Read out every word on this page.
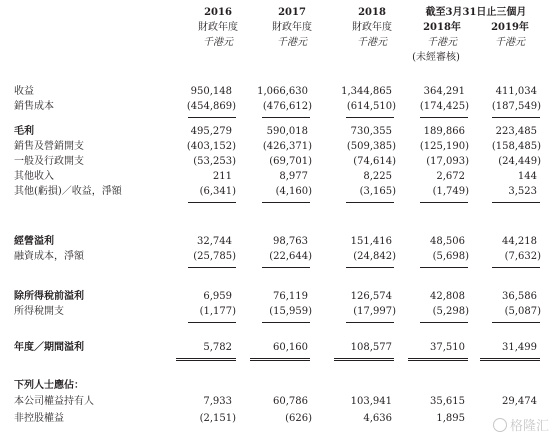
2016	2017	2018	截至3月31日止三個月
財政年度	財政年度	財政年度	2018年	2019年
千港元	千港元	千港元	千港元	千港元
(未經審核)
收益	950,148	1,066,630	1,344,865	364,291	411,034
銷售成本	(454,869)	(476,612)	(614,510)	(174,425)	(187,549)
毛利	495,279	590,018	730,355	189,866	223,485
銷售及營銷開支	(403,152)	(426,371)	(509,385)	(125,190)	(158,485)
一般及行政開支	(53,253)	(69,701)	(74,614)	(17,093)	(24,449)
其他收入	211	8,977	8,225	2,672	144
其他(虧損)／收益，淨額	(6,341)	(4,160)	(3,165)	(1,749)	3,523
經營溢利	32,744	98,763	151,416	48,506	44,218
融資成本，淨額	(25,785)	(22,644)	(24,842)	(5,698)	(7,632)
除所得稅前溢利	6,959	76,119	126,574	42,808	36,586
所得稅開支	(1,177)	(15,959)	(17,997)	(5,298)	(5,087)
年度／期間溢利	5,782	60,160	108,577	37,510	31,499
下列人士應佔：
本公司權益持有人	7,933	60,786	103,941	35,615	29,474
非控股權益	(2,151)	(626)	4,636	1,895
格隆汇
